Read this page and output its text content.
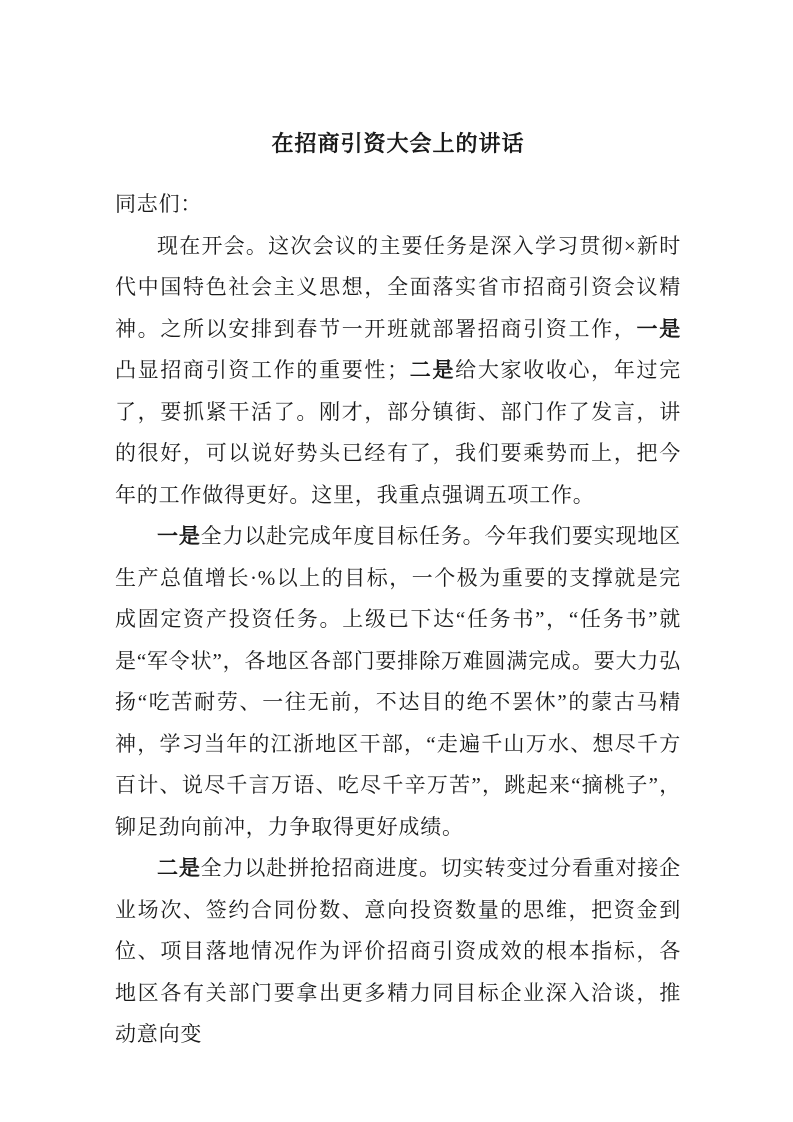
在招商引资大会上的讲话

同志们：

现在开会。这次会议的主要任务是深入学习贯彻×新时代中国特色社会主义思想，全面落实省市招商引资会议精神。之所以安排到春节一开班就部署招商引资工作，一是凸显招商引资工作的重要性；二是给大家收收心，年过完了，要抓紧干活了。刚才，部分镇街、部门作了发言，讲的很好，可以说好势头已经有了，我们要乘势而上，把今年的工作做得更好。这里，我重点强调五项工作。

一是全力以赴完成年度目标任务。今年我们要实现地区生产总值增长·%以上的目标，一个极为重要的支撑就是完成固定资产投资任务。上级已下达“任务书”，“任务书”就是“军令状”，各地区各部门要排除万难圆满完成。要大力弘扬“吃苦耐劳、一往无前，不达目的绝不罢休”的蒙古马精神，学习当年的江浙地区干部，“走遍千山万水、想尽千方百计、说尽千言万语、吃尽千辛万苦”，跳起来“摘桃子”，铆足劲向前冲，力争取得更好成绩。

二是全力以赴拼抢招商进度。切实转变过分看重对接企业场次、签约合同份数、意向投资数量的思维，把资金到位、项目落地情况作为评价招商引资成效的根本指标，各地区各有关部门要拿出更多精力同目标企业深入洽谈，推动意向变
